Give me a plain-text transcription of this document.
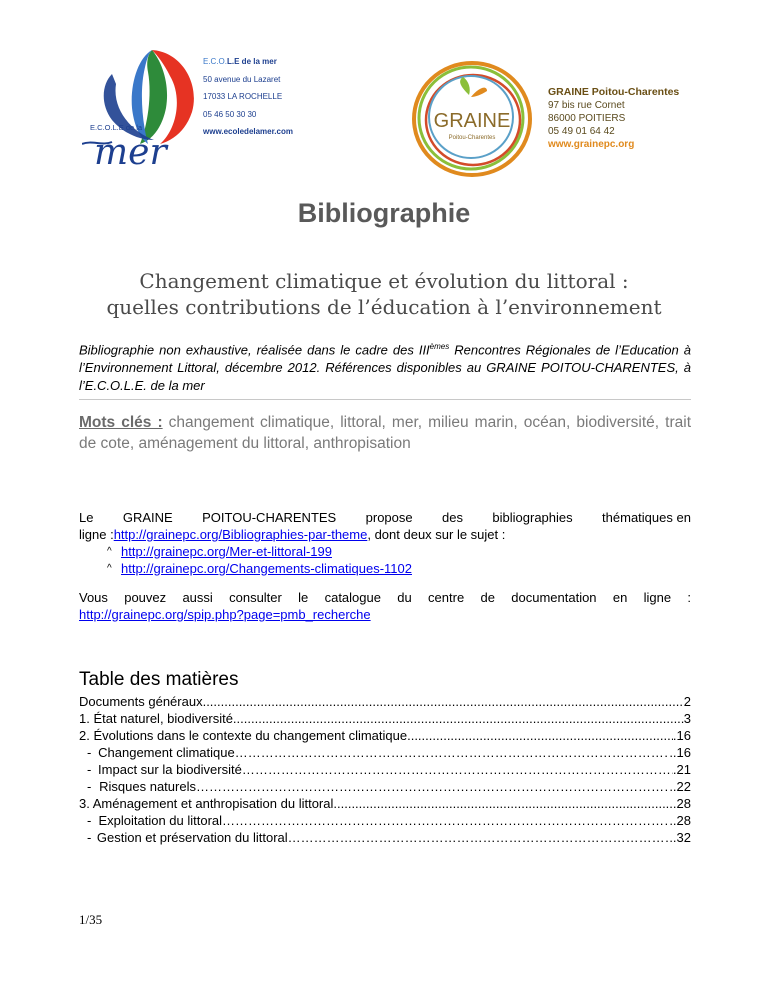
E.C.O.L.E de la
mer
E.C.O.L.E de la mer
50 avenue du Lazaret
17033 LA ROCHELLE
05 46 50 30 30
www.ecoledelamer.com	GRAINE
Poitou-Charentes
GRAINE Poitou-Charentes
97 bis rue Cornet
86000 POITIERS
05 49 01 64 42
www.grainepc.org
Bibliographie
Changement climatique et évolution du littoral :
quelles contributions de l’éducation à l’environnement
Bibliographie non exhaustive, réalisée dans le cadre des IIIèmes Rencontres Régionales de l’Education à l’Environnement Littoral, décembre 2012. Références disponibles au GRAINE POITOU-CHARENTES, à l’E.C.O.L.E. de la mer
Mots clés : changement climatique, littoral, mer, milieu marin, océan, biodiversité, trait de cote, aménagement du littoral, anthropisation
Le GRAINE POITOU-CHARENTES propose des bibliographies thématiques en
ligne :http://grainepc.org/Bibliographies-par-theme, dont deux sur le sujet :
^ http://grainepc.org/Mer-et-littoral-199
^ http://grainepc.org/Changements-climatiques-1102
Vous pouvez aussi consulter le catalogue du centre de documentation en ligne :
http://grainepc.org/spip.php?page=pmb_recherche
Table des matières
Documents généraux .....	2
1. État naturel, biodiversité .....	3
2. Évolutions dans le contexte du changement climatique .....	.16
- Changement climatique ………………………………………………………………………………………………………………………………………………………………	..16
- Impact sur la biodiversité ………………………………………………………………………………………………………………………………………………………………	.21
- Risques naturels ………………………………………………………………………………………………………………………………………………………………	..22
3. Aménagement et anthropisation du littoral .....	28
- Exploitation du littoral ………………………………………………………………………………………………………………………………………………………………	..28
- Gestion et préservation du littoral ………………………………………………………………………………………………………………………………………………………………	.32
1/35
